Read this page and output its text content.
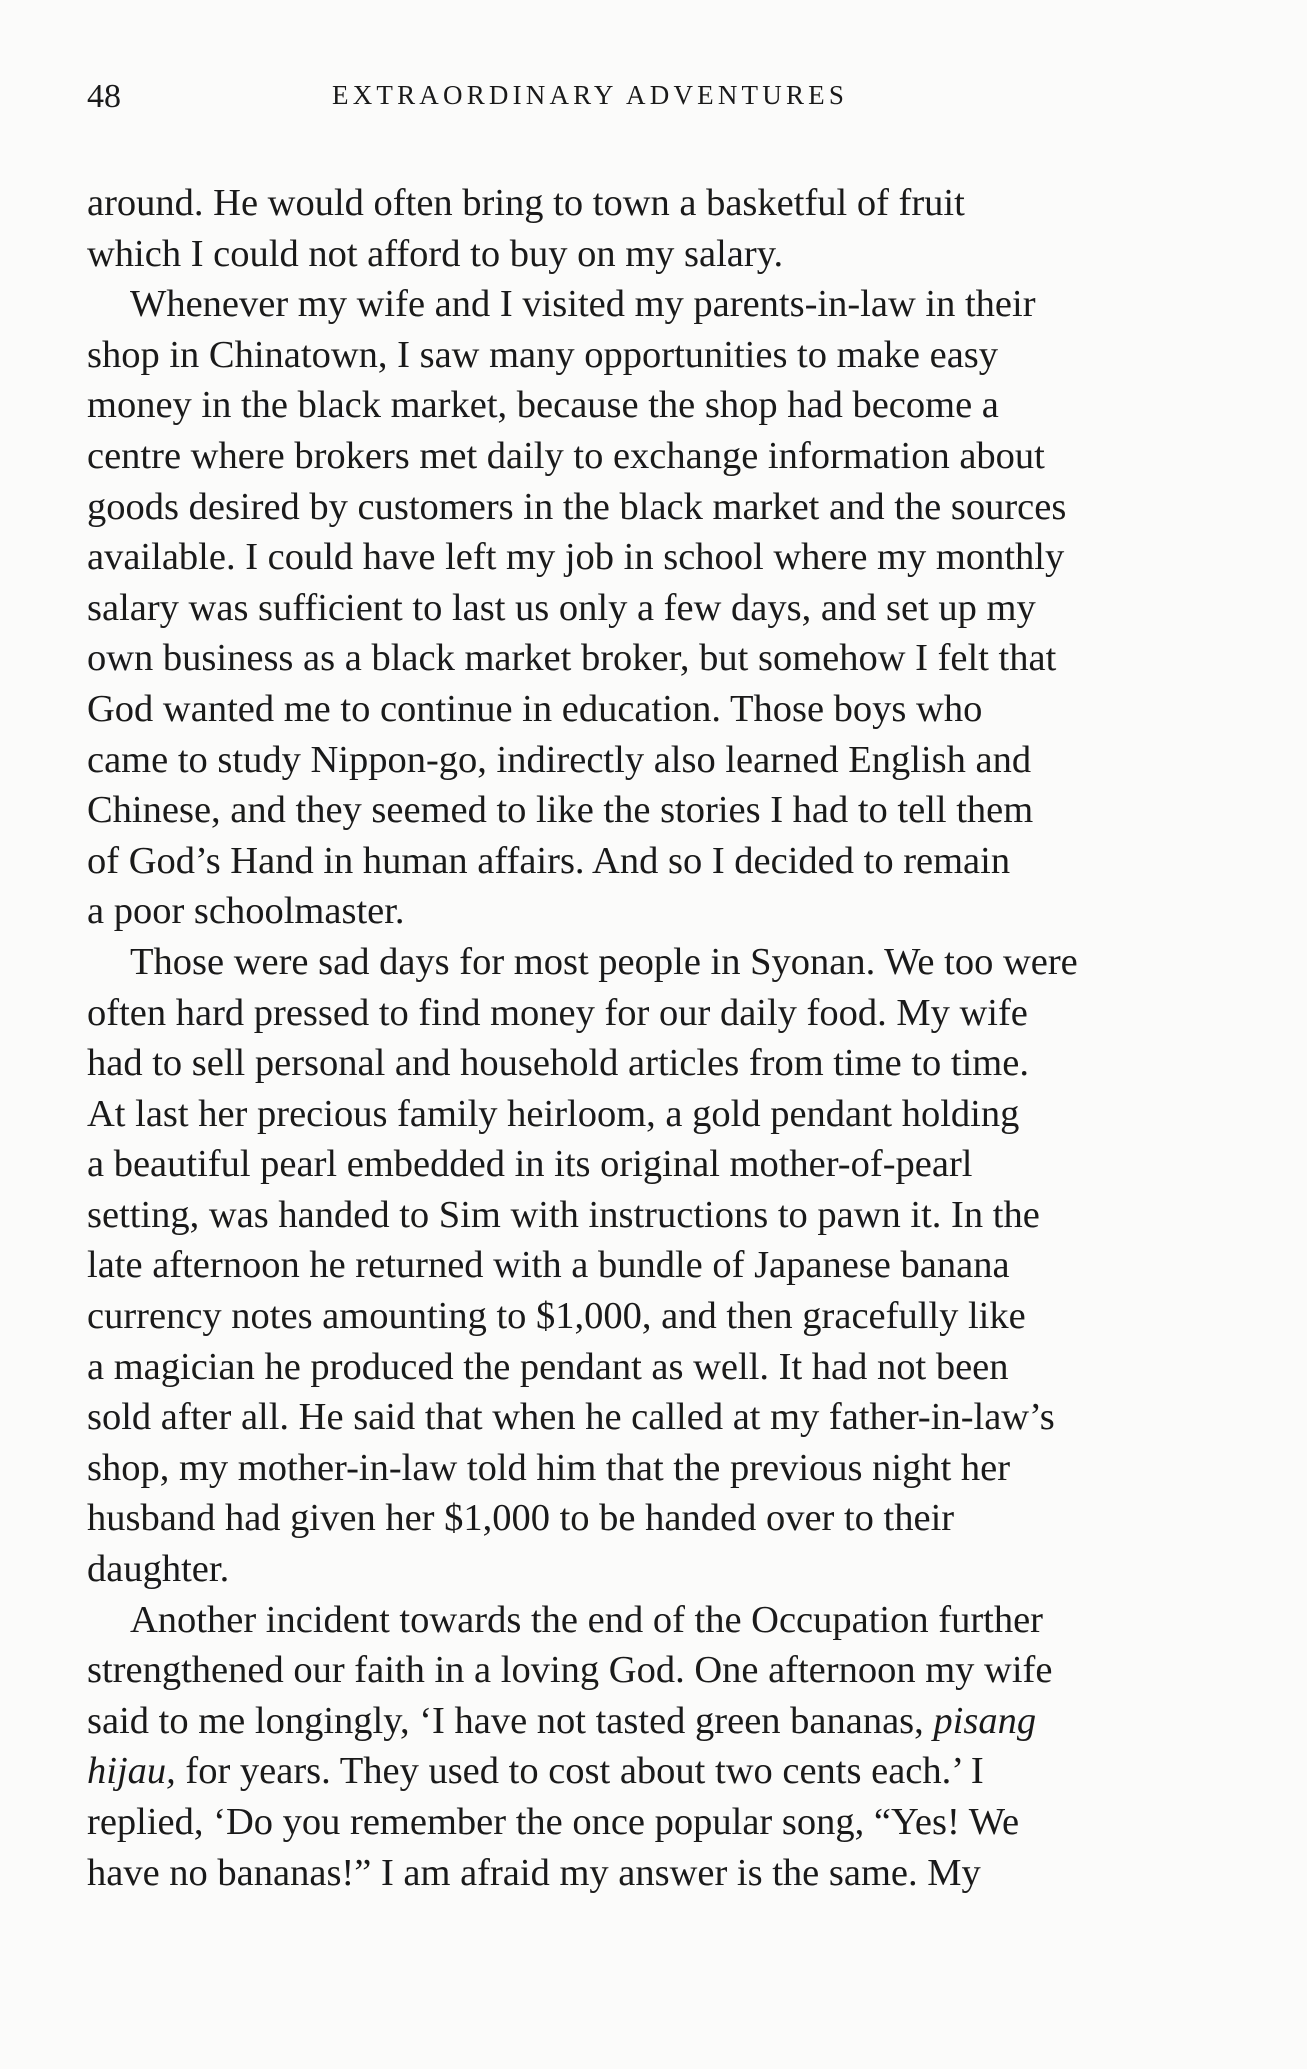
48	EXTRAORDINARY ADVENTURES
around. He would often bring to town a basketful of fruit
which I could not afford to buy on my salary.
Whenever my wife and I visited my parents-in-law in their
shop in Chinatown, I saw many opportunities to make easy
money in the black market, because the shop had become a
centre where brokers met daily to exchange information about
goods desired by customers in the black market and the sources
available. I could have left my job in school where my monthly
salary was sufficient to last us only a few days, and set up my
own business as a black market broker, but somehow I felt that
God wanted me to continue in education. Those boys who
came to study Nippon-go, indirectly also learned English and
Chinese, and they seemed to like the stories I had to tell them
of God’s Hand in human affairs. And so I decided to remain
a poor schoolmaster.
Those were sad days for most people in Syonan. We too were
often hard pressed to find money for our daily food. My wife
had to sell personal and household articles from time to time.
At last her precious family heirloom, a gold pendant holding
a beautiful pearl embedded in its original mother-of-pearl
setting, was handed to Sim with instructions to pawn it. In the
late afternoon he returned with a bundle of Japanese banana
currency notes amounting to $1,000, and then gracefully like
a magician he produced the pendant as well. It had not been
sold after all. He said that when he called at my father-in-law’s
shop, my mother-in-law told him that the previous night her
husband had given her $1,000 to be handed over to their
daughter.
Another incident towards the end of the Occupation further
strengthened our faith in a loving God. One afternoon my wife
said to me longingly, ‘I have not tasted green bananas, pisang
hijau, for years. They used to cost about two cents each.’ I
replied, ‘Do you remember the once popular song, “Yes! We
have no bananas!” I am afraid my answer is the same. My
